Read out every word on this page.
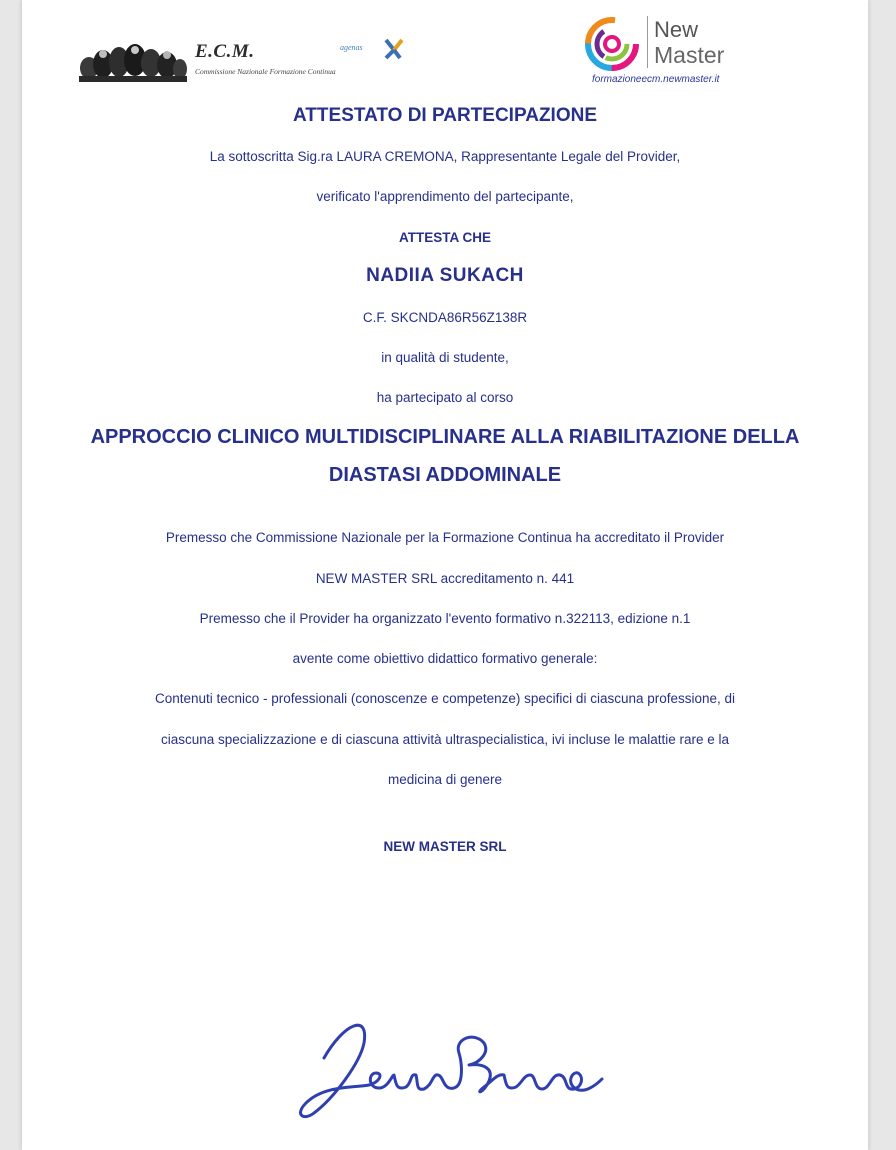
E.C.M.
Commissione Nazionale Formazione Continua
agenas
New
Master
formazioneecm.newmaster.it
ATTESTATO DI PARTECIPAZIONE
La sottoscritta Sig.ra LAURA CREMONA, Rappresentante Legale del Provider,
verificato l'apprendimento del partecipante,
ATTESTA CHE
NADIIA SUKACH
C.F. SKCNDA86R56Z138R
in qualità di studente,
ha partecipato al corso
APPROCCIO CLINICO MULTIDISCIPLINARE ALLA RIABILITAZIONE DELLA
DIASTASI ADDOMINALE
Premesso che Commissione Nazionale per la Formazione Continua ha accreditato il Provider
NEW MASTER SRL accreditamento n. 441
Premesso che il Provider ha organizzato l'evento formativo n.322113, edizione n.1
avente come obiettivo didattico formativo generale:
Contenuti tecnico - professionali (conoscenze e competenze) specifici di ciascuna professione, di
ciascuna specializzazione e di ciascuna attività ultraspecialistica, ivi incluse le malattie rare e la
medicina di genere
NEW MASTER SRL
